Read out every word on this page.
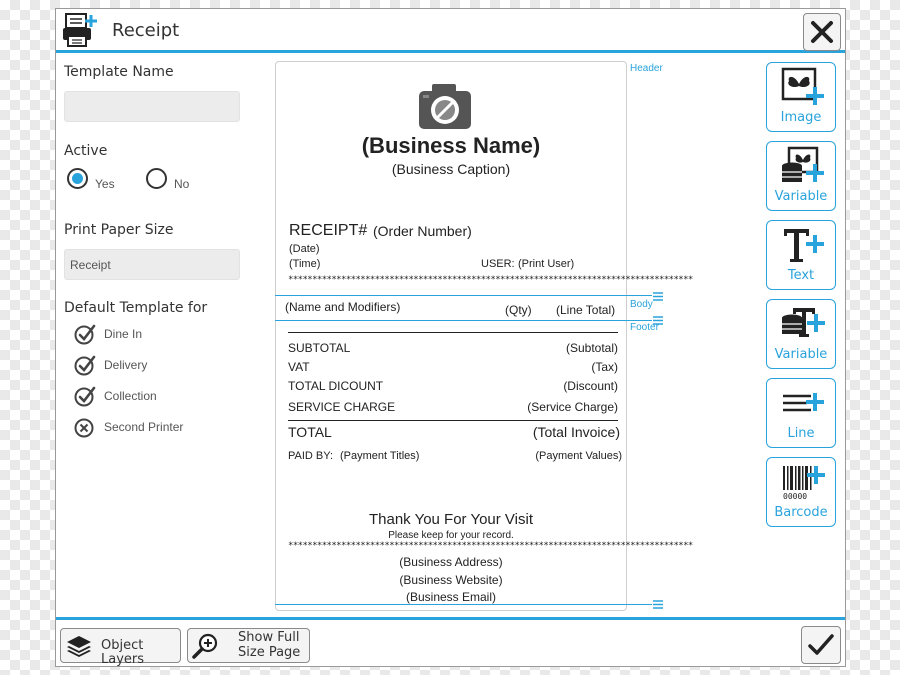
Receipt
Template Name
Active
Yes	No
Print Paper Size
Receipt
Default Template for
Dine In
Delivery
Collection
Second Printer
(Business Name)
(Business Caption)
RECEIPT# (Order Number)
(Date)
(Time)	USER: (Print User)
************************************************************************************
(Name and Modifiers)	(Qty) (Line Total)
SUBTOTAL	(Subtotal)
VAT	(Tax)
TOTAL DICOUNT	(Discount)
SERVICE CHARGE	(Service Charge)
TOTAL	(Total Invoice)
PAID BY: (Payment Titles)	(Payment Values)
Thank You For Your Visit
Please keep for your record.
************************************************************************************
(Business Address)
(Business Website)
(Business Email)
Header
Body
Footer
Image
Variable
Text
Variable
Line
00000
Barcode
Object Layers
Show Full
Size Page
